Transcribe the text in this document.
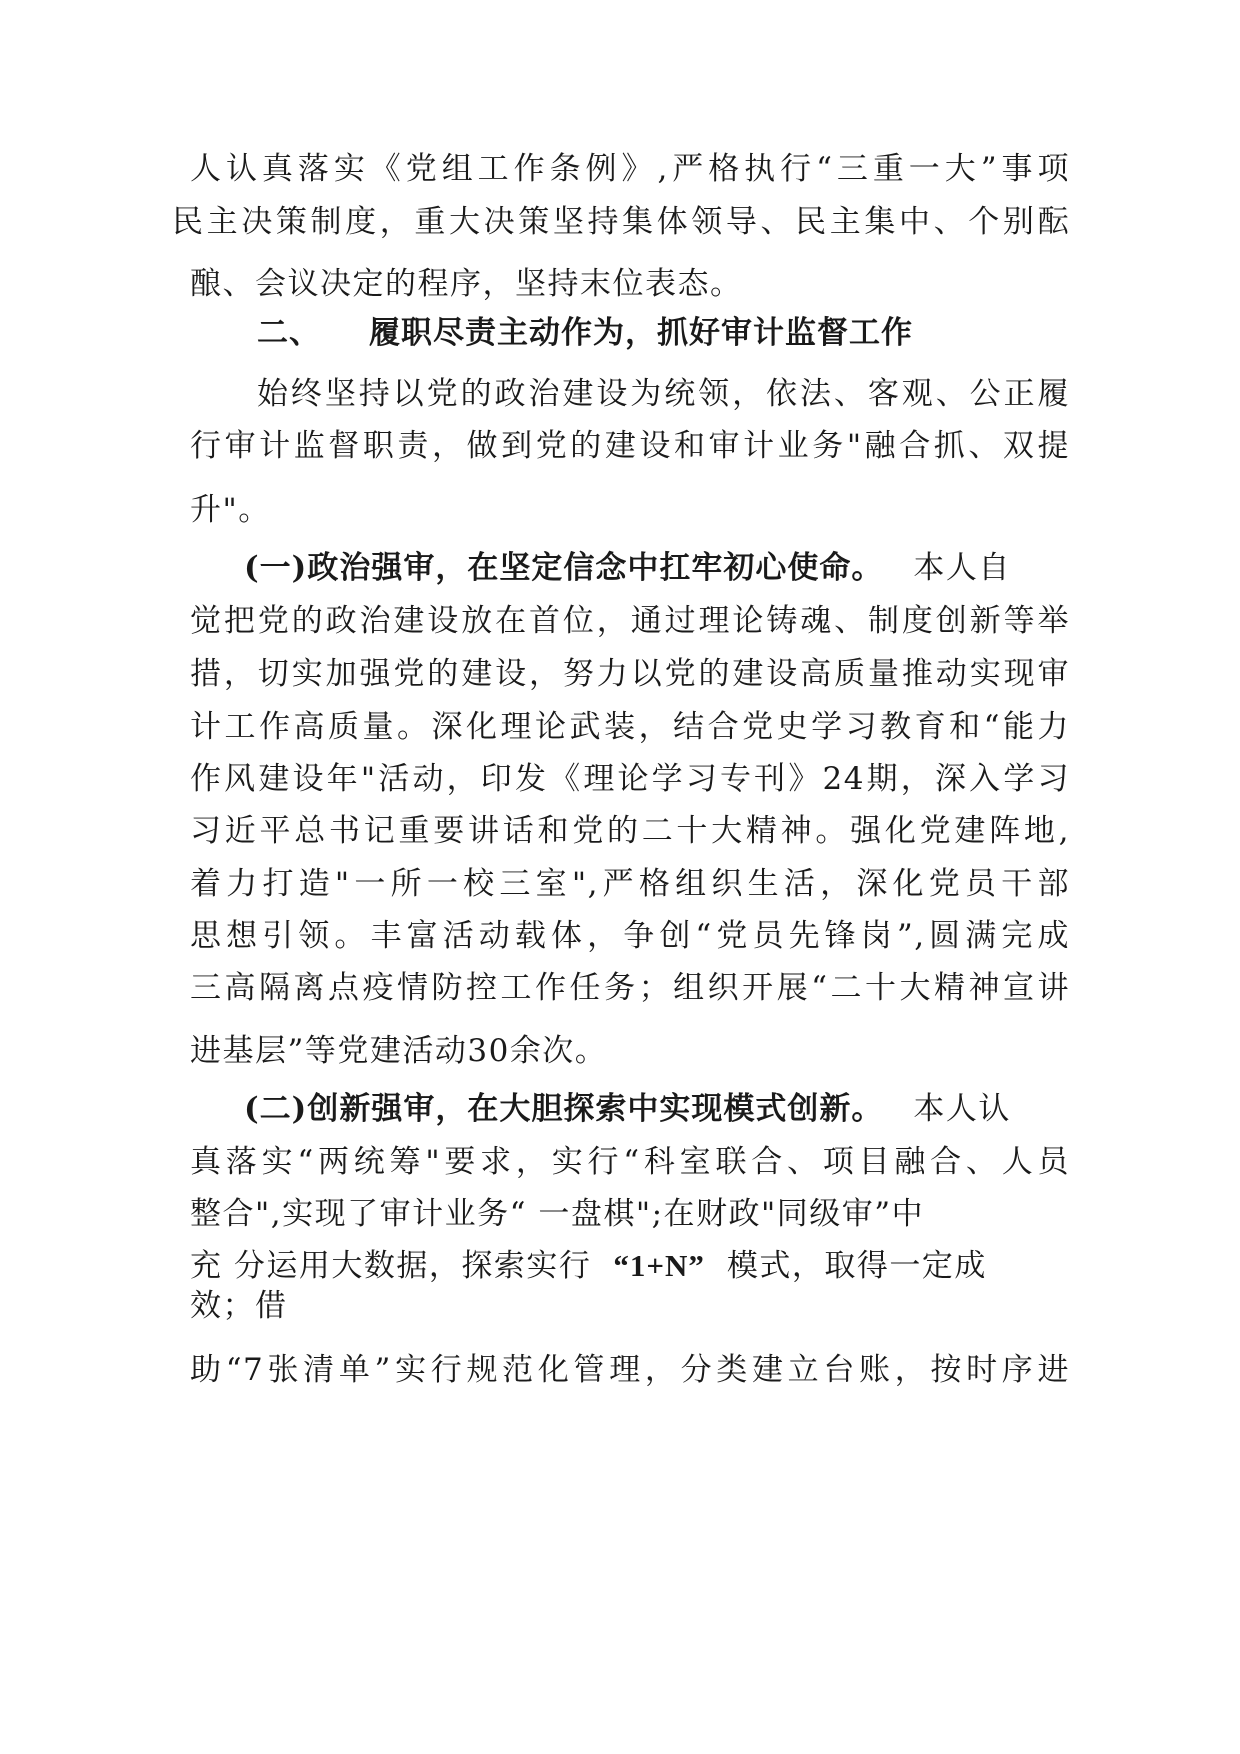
人认真落实《党组工作条例》,严格执行“三重一大”事项
民主决策制度，重大决策坚持集体领导、民主集中、个别酝
酿、会议决定的程序，坚持末位表态。
二、 履职尽责主动作为，抓好审计监督工作
始终坚持以党的政治建设为统领，依法、客观、公正履
行审计监督职责，做到党的建设和审计业务"融合抓、双提
升"。
(一)政治强审，在坚定信念中扛牢初心使命。 本人自
觉把党的政治建设放在首位，通过理论铸魂、制度创新等举
措，切实加强党的建设，努力以党的建设高质量推动实现审
计工作高质量。深化理论武装，结合党史学习教育和“能力
作风建设年"活动，印发《理论学习专刊》24期，深入学习
习近平总书记重要讲话和党的二十大精神。强化党建阵地,
着力打造"一所一校三室",严格组织生活，深化党员干部
思想引领。丰富活动载体，争创“党员先锋岗”,圆满完成
三高隔离点疫情防控工作任务；组织开展“二十大精神宣讲
进基层”等党建活动30余次。
(二)创新强审，在大胆探索中实现模式创新。 本人认
真落实“两统筹"要求，实行“科室联合、项目融合、人员
整合",实现了审计业务“ 一盘棋";在财政"同级审”中
充 分运用大数据，探索实行 “1+N” 模式，取得一定成
效；借
助“7张清单”实行规范化管理，分类建立台账，按时序进
